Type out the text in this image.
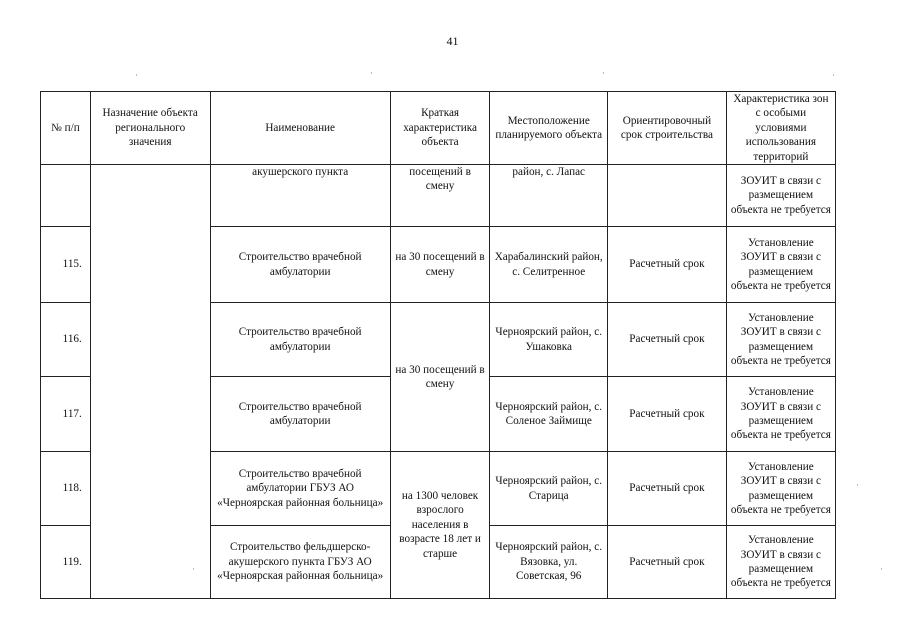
41
·	·	·	·
·
·
·
№ п/п	Назначение объекта регионального значения	Наименование	Краткая характеристика объекта	Местоположение планируемого объекта	Ориентировочный срок строительства	Характеристика зон с особыми условиями использования территорий
		акушерского пункта	посещений в смену	район, с. Лапас		ЗОУИТ в связи с размещением объекта не требуется
115.		Строительство врачебной амбулатории	на 30 посещений в смену	Харабалинский район, с. Селитренное	Расчетный срок	Установление ЗОУИТ в связи с размещением объекта не требуется
116.		Строительство врачебной амбулатории	на 30 посещений в смену	Черноярский район, с. Ушаковка	Расчетный срок	Установление ЗОУИТ в связи с размещением объекта не требуется
117.		Строительство врачебной амбулатории		Черноярский район, с. Соленое Займище	Расчетный срок	Установление ЗОУИТ в связи с размещением объекта не требуется
118.		Строительство врачебной амбулатории ГБУЗ АО «Черноярская районная больница»	на 1300 человек взрослого населения в возрасте 18 лет и старше	Черноярский район, с. Старица	Расчетный срок	Установление ЗОУИТ в связи с размещением объекта не требуется
119.		Строительство фельдшерско-акушерского пункта ГБУЗ АО «Черноярская районная больница»		Черноярский район, с. Вязовка, ул. Советская, 96	Расчетный срок	Установление ЗОУИТ в связи с размещением объекта не требуется
